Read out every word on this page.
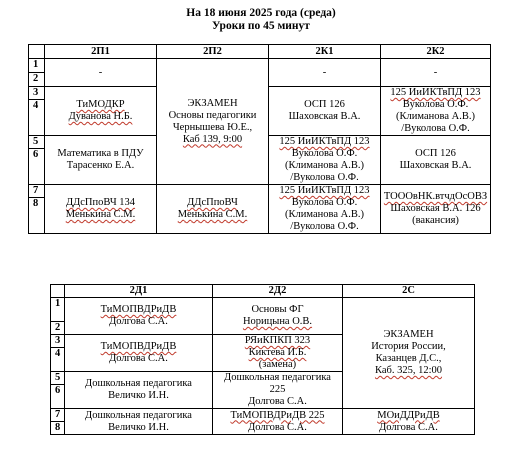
На 18 июня 2025 года (среда)
Уроки по 45 минут
	2П1	2П2	2К1	2К2
1	-	ЭКЗАМЕН
Основы педагогики
Чернышева Ю.Е.,
Каб 139, 9:00	-	-
2				
3	ТиМОДКР
Дуванова Н.Б.		ОСП 126
Шаховская В.А.	125 ИиИКТвПД 123
Вуколова О.Ф.
(Климанова А.В.)
/Вуколова О.Ф.

4				
5	Математика в ПДУ
Тарасенко Е.А.		125 ИиИКТвПД 123
Вуколова О.Ф.
(Климанова А.В.)
/Вуколова О.Ф.	ОСП 126
Шаховская В.А.

6				
7	ДДсПпоВЧ 134
Менькина С.М.	ДДсПпоВЧ
Менькина С.М.	125 ИиИКТвПД 123
Вуколова О.Ф.
(Климанова А.В.)
/Вуколова О.Ф.	ТОООвНК.втчдОсОВЗ
Шаховская В.А. 126
(вакансия)

8				
	2Д1	2Д2	2С
1	ТиМОПВДРиДВ
Долгова С.А.	Основы ФГ
Норицына О.В.	ЭКЗАМЕН
История России,
Казанцев Д.С.,
Каб. 325, 12:00

2			
3	ТиМОПВДРиДВ
Долгова С.А.	РЯиКПКП 323
Киктева И.Б.
(замена)	

4			
5	Дошкольная педагогика
Величко И.Н.	Дошкольная педагогика
225
Долгова С.А.	

6			
7	Дошкольная педагогика
Величко И.Н.	ТиМОПВДРиДВ 225
Долгова С.А.	МОиДДРиДВ
Долгова С.А.

8			
